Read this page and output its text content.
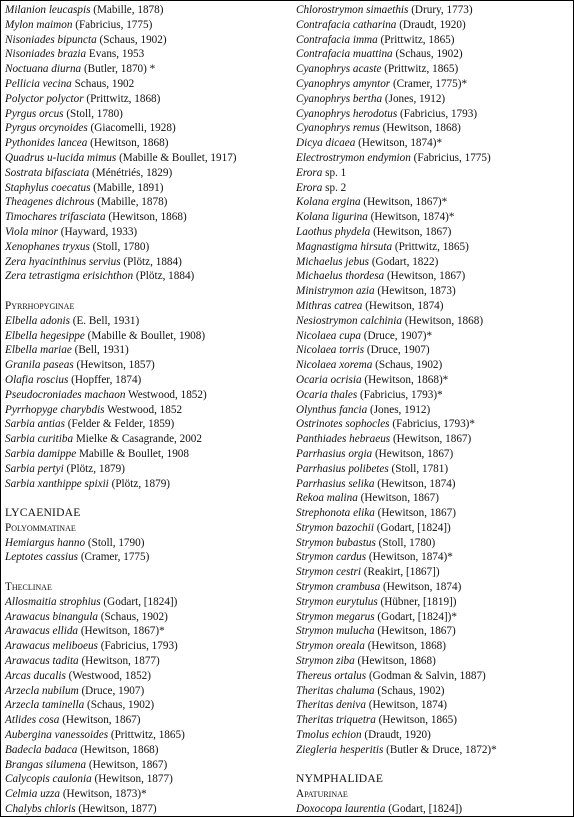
Milanion leucaspis (Mabille, 1878)
Mylon maimon (Fabricius, 1775)
Nisoniades bipuncta (Schaus, 1902)
Nisoniades brazia Evans, 1953
Noctuana diurna (Butler, 1870) *
Pellicia vecina Schaus, 1902
Polyctor polyctor (Prittwitz, 1868)
Pyrgus orcus (Stoll, 1780)
Pyrgus orcynoides (Giacomelli, 1928)
Pythonides lancea (Hewitson, 1868)
Quadrus u-lucida mimus (Mabille & Boullet, 1917)
Sostrata bifasciata (Ménétriés, 1829)
Staphylus coecatus (Mabille, 1891)
Theagenes dichrous (Mabille, 1878)
Timochares trifasciata (Hewitson, 1868)
Viola minor (Hayward, 1933)
Xenophanes tryxus (Stoll, 1780)
Zera hyacinthinus servius (Plötz, 1884)
Zera tetrastigma erisichthon (Plötz, 1884)
Pyrrhopyginae
Elbella adonis (E. Bell, 1931)
Elbella hegesippe (Mabille & Boullet, 1908)
Elbella mariae (Bell, 1931)
Granila paseas (Hewitson, 1857)
Olafia roscius (Hopffer, 1874)
Pseudocroniades machaon Westwood, 1852)
Pyrrhopyge charybdis Westwood, 1852
Sarbia antias (Felder & Felder, 1859)
Sarbia curitiba Mielke & Casagrande, 2002
Sarbia damippe Mabille & Boullet, 1908
Sarbia pertyi (Plötz, 1879)
Sarbia xanthippe spixii (Plötz, 1879)
LYCAENIDAE
Polyommatinae
Hemiargus hanno (Stoll, 1790)
Leptotes cassius (Cramer, 1775)
Theclinae
Allosmaitia strophius (Godart, [1824])
Arawacus binangula (Schaus, 1902)
Arawacus ellida (Hewitson, 1867)*
Arawacus meliboeus (Fabricius, 1793)
Arawacus tadita (Hewitson, 1877)
Arcas ducalis (Westwood, 1852)
Arzecla nubilum (Druce, 1907)
Arzecla taminella (Schaus, 1902)
Atlides cosa (Hewitson, 1867)
Aubergina vanessoides (Prittwitz, 1865)
Badecla badaca (Hewitson, 1868)
Brangas silumena (Hewitson, 1867)
Calycopis caulonia (Hewitson, 1877)
Celmia uzza (Hewitson, 1873)*
Chalybs chloris (Hewitson, 1877)
Chlorostrymon simaethis (Drury, 1773)
Contrafacia catharina (Draudt, 1920)
Contrafacia imma (Prittwitz, 1865)
Contrafacia muattina (Schaus, 1902)
Cyanophrys acaste (Prittwitz, 1865)
Cyanophrys amyntor (Cramer, 1775)*
Cyanophrys bertha (Jones, 1912)
Cyanophrys herodotus (Fabricius, 1793)
Cyanophrys remus (Hewitson, 1868)
Dicya dicaea (Hewitson, 1874)*
Electrostrymon endymion (Fabricius, 1775)
Erora sp. 1
Erora sp. 2
Kolana ergina (Hewitson, 1867)*
Kolana ligurina (Hewitson, 1874)*
Laothus phydela (Hewitson, 1867)
Magnastigma hirsuta (Prittwitz, 1865)
Michaelus jebus (Godart, 1822)
Michaelus thordesa (Hewitson, 1867)
Ministrymon azia (Hewitson, 1873)
Mithras catrea (Hewitson, 1874)
Nesiostrymon calchinia (Hewitson, 1868)
Nicolaea cupa (Druce, 1907)*
Nicolaea torris (Druce, 1907)
Nicolaea xorema (Schaus, 1902)
Ocaria ocrisia (Hewitson, 1868)*
Ocaria thales (Fabricius, 1793)*
Olynthus fancia (Jones, 1912)
Ostrinotes sophocles (Fabricius, 1793)*
Panthiades hebraeus (Hewitson, 1867)
Parrhasius orgia (Hewitson, 1867)
Parrhasius polibetes (Stoll, 1781)
Parrhasius selika (Hewitson, 1874)
Rekoa malina (Hewitson, 1867)
Strephonota elika (Hewitson, 1867)
Strymon bazochii (Godart, [1824])
Strymon bubastus (Stoll, 1780)
Strymon cardus (Hewitson, 1874)*
Strymon cestri (Reakirt, [1867])
Strymon crambusa (Hewitson, 1874)
Strymon eurytulus (Hübner, [1819])
Strymon megarus (Godart, [1824])*
Strymon mulucha (Hewitson, 1867)
Strymon oreala (Hewitson, 1868)
Strymon ziba (Hewitson, 1868)
Thereus ortalus (Godman & Salvin, 1887)
Theritas chaluma (Schaus, 1902)
Theritas deniva (Hewitson, 1874)
Theritas triquetra (Hewitson, 1865)
Tmolus echion (Draudt, 1920)
Ziegleria hesperitis (Butler & Druce, 1872)*
NYMPHALIDAE
Apaturinae
Doxocopa laurentia (Godart, [1824])
